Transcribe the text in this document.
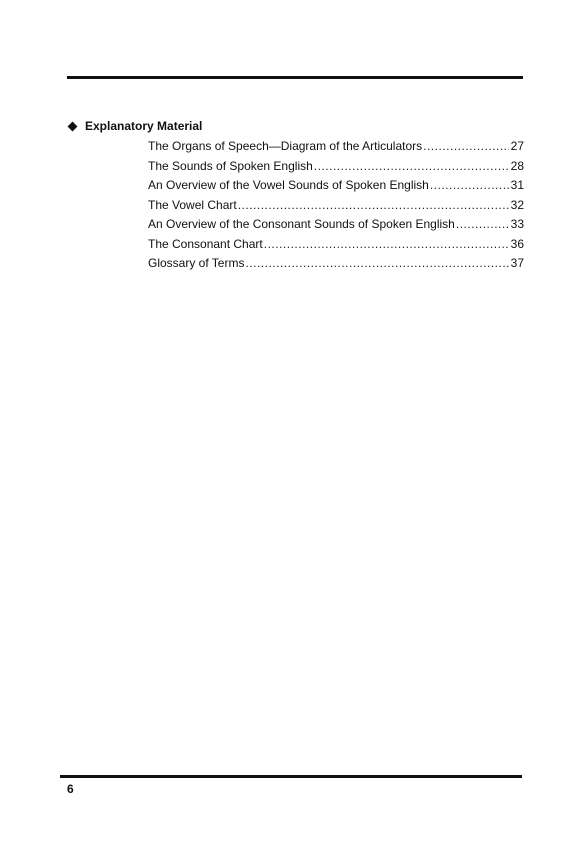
Explanatory Material
The Organs of Speech—Diagram of the Articulators .....	27
The Sounds of Spoken English .....	28
An Overview of the Vowel Sounds of Spoken English .....	31
The Vowel Chart .....	32
An Overview of the Consonant Sounds of Spoken English .....	33
The Consonant Chart .....	36
Glossary of Terms .....	37
6
